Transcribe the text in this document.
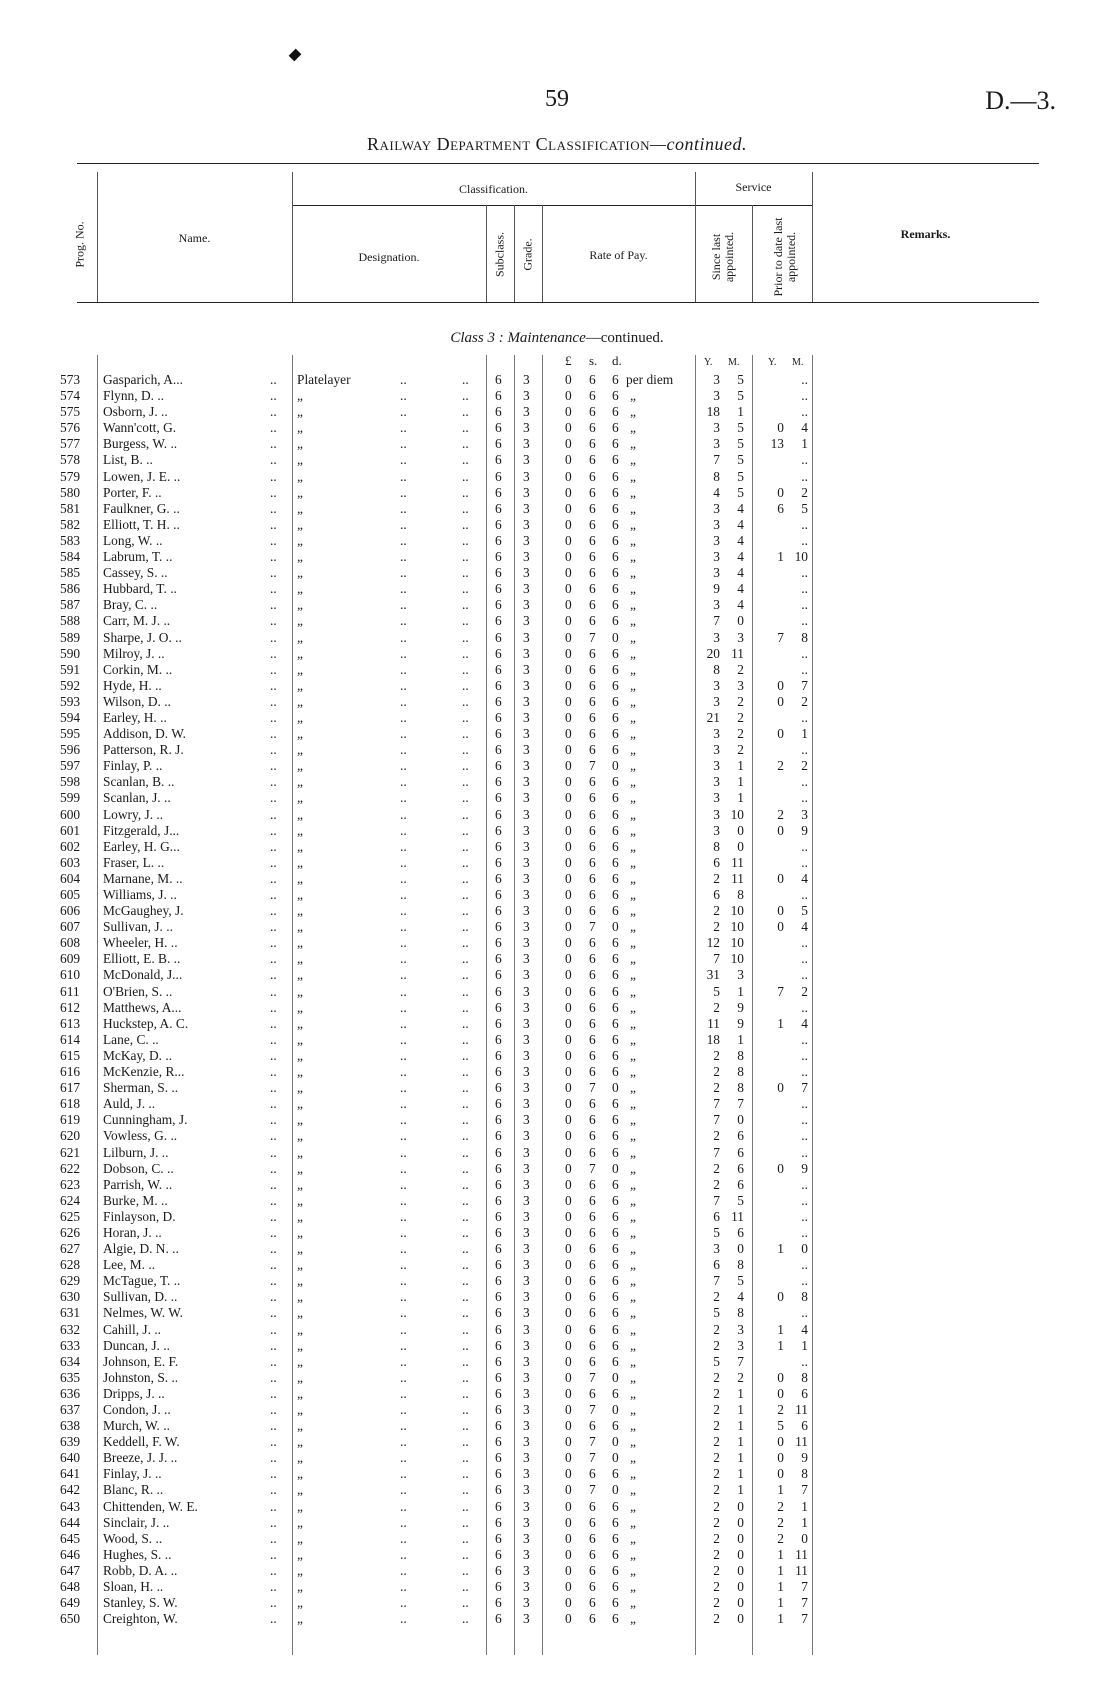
59	D.—3.
Railway Department Classification—continued.
Prog. No.	Name.
Classification.
Designation.	Subclass. Grade.	Rate of Pay.
Service
Since last appointed.	Prior to date last appointed.	Remarks.
Class 3 : Maintenance—continued.
£ s. d.	Y. M.	Y. M.
573	Gasparich, A...	.. Platelayer	..	.. 6 3	0 6 6 per diem	3	5	..
574	Flynn, D. ..	.. „	..	.. 6 3	0 6 6 „	3	5	..
575	Osborn, J. ..	.. „	..	.. 6 3	0 6 6 „	18	1	..
576	Wann'cott, G.	.. „	..	.. 6 3	0 6 6 „	3	5	0	4
577	Burgess, W. ..	.. „	..	.. 6 3	0 6 6 „	3	5	13	1
578	List, B. ..	.. „	..	.. 6 3	0 6 6 „	7	5	..
579	Lowen, J. E. ..	.. „	..	.. 6 3	0 6 6 „	8	5	..
580	Porter, F. ..	.. „	..	.. 6 3	0 6 6 „	4	5	0	2
581	Faulkner, G. ..	.. „	..	.. 6 3	0 6 6 „	3	4	6	5
582	Elliott, T. H. ..	.. „	..	.. 6 3	0 6 6 „	3	4	..
583	Long, W. ..	.. „	..	.. 6 3	0 6 6 „	3	4	..
584	Labrum, T. ..	.. „	..	.. 6 3	0 6 6 „	3	4	1 10
585	Cassey, S. ..	.. „	..	.. 6 3	0 6 6 „	3	4	..
586	Hubbard, T. ..	.. „	..	.. 6 3	0 6 6 „	9	4	..
587	Bray, C. ..	.. „	..	.. 6 3	0 6 6 „	3	4	..
588	Carr, M. J. ..	.. „	..	.. 6 3	0 6 6 „	7	0	..
589	Sharpe, J. O. ..	.. „	..	.. 6 3	0 7 0 „	3	3	7	8
590	Milroy, J. ..	.. „	..	.. 6 3	0 6 6 „	20 11	..
591	Corkin, M. ..	.. „	..	.. 6 3	0 6 6 „	8	2	..
592	Hyde, H. ..	.. „	..	.. 6 3	0 6 6 „	3	3	0	7
593	Wilson, D. ..	.. „	..	.. 6 3	0 6 6 „	3	2	0	2
594	Earley, H. ..	.. „	..	.. 6 3	0 6 6 „	21	2	..
595	Addison, D. W.	.. „	..	.. 6 3	0 6 6 „	3	2	0	1
596	Patterson, R. J.	.. „	..	.. 6 3	0 6 6 „	3	2	..
597	Finlay, P. ..	.. „	..	.. 6 3	0 7 0 „	3	1	2	2
598	Scanlan, B. ..	.. „	..	.. 6 3	0 6 6 „	3	1	..
599	Scanlan, J. ..	.. „	..	.. 6 3	0 6 6 „	3	1	..
600	Lowry, J. ..	.. „	..	.. 6 3	0 6 6 „	3 10	2	3
601	Fitzgerald, J...	.. „	..	.. 6 3	0 6 6 „	3	0	0	9
602	Earley, H. G...	.. „	..	.. 6 3	0 6 6 „	8	0	..
603	Fraser, L. ..	.. „	..	.. 6 3	0 6 6 „	6 11	..
604	Marnane, M. ..	.. „	..	.. 6 3	0 6 6 „	2 11	0	4
605	Williams, J. ..	.. „	..	.. 6 3	0 6 6 „	6	8	..
606	McGaughey, J.	.. „	..	.. 6 3	0 6 6 „	2 10	0	5
607	Sullivan, J. ..	.. „	..	.. 6 3	0 7 0 „	2 10	0	4
608	Wheeler, H. ..	.. „	..	.. 6 3	0 6 6 „	12 10	..
609	Elliott, E. B. ..	.. „	..	.. 6 3	0 6 6 „	7 10	..
610	McDonald, J...	.. „	..	.. 6 3	0 6 6 „	31	3	..
611	O'Brien, S. ..	.. „	..	.. 6 3	0 6 6 „	5	1	7	2
612	Matthews, A...	.. „	..	.. 6 3	0 6 6 „	2	9	..
613	Huckstep, A. C.	.. „	..	.. 6 3	0 6 6 „	11	9	1	4
614	Lane, C. ..	.. „	..	.. 6 3	0 6 6 „	18	1	..
615	McKay, D. ..	.. „	..	.. 6 3	0 6 6 „	2	8	..
616	McKenzie, R...	.. „	..	.. 6 3	0 6 6 „	2	8	..
617	Sherman, S. ..	.. „	..	.. 6 3	0 7 0 „	2	8	0	7
618	Auld, J. ..	.. „	..	.. 6 3	0 6 6 „	7	7	..
619	Cunningham, J.	.. „	..	.. 6 3	0 6 6 „	7	0	..
620	Vowless, G. ..	.. „	..	.. 6 3	0 6 6 „	2	6	..
621	Lilburn, J. ..	.. „	..	.. 6 3	0 6 6 „	7	6	..
622	Dobson, C. ..	.. „	..	.. 6 3	0 7 0 „	2	6	0	9
623	Parrish, W. ..	.. „	..	.. 6 3	0 6 6 „	2	6	..
624	Burke, M. ..	.. „	..	.. 6 3	0 6 6 „	7	5	..
625	Finlayson, D.	.. „	..	.. 6 3	0 6 6 „	6 11	..
626	Horan, J. ..	.. „	..	.. 6 3	0 6 6 „	5	6	..
627	Algie, D. N. ..	.. „	..	.. 6 3	0 6 6 „	3	0	1	0
628	Lee, M. ..	.. „	..	.. 6 3	0 6 6 „	6	8	..
629	McTague, T. ..	.. „	..	.. 6 3	0 6 6 „	7	5	..
630	Sullivan, D. ..	.. „	..	.. 6 3	0 6 6 „	2	4	0	8
631	Nelmes, W. W.	.. „	..	.. 6 3	0 6 6 „	5	8	..
632	Cahill, J. ..	.. „	..	.. 6 3	0 6 6 „	2	3	1	4
633	Duncan, J. ..	.. „	..	.. 6 3	0 6 6 „	2	3	1	1
634	Johnson, E. F.	.. „	..	.. 6 3	0 6 6 „	5	7	..
635	Johnston, S. ..	.. „	..	.. 6 3	0 7 0 „	2	2	0	8
636	Dripps, J. ..	.. „	..	.. 6 3	0 6 6 „	2	1	0	6
637	Condon, J. ..	.. „	..	.. 6 3	0 7 0 „	2	1	2 11
638	Murch, W. ..	.. „	..	.. 6 3	0 6 6 „	2	1	5	6
639	Keddell, F. W.	.. „	..	.. 6 3	0 7 0 „	2	1	0 11
640	Breeze, J. J. ..	.. „	..	.. 6 3	0 7 0 „	2	1	0	9
641	Finlay, J. ..	.. „	..	.. 6 3	0 6 6 „	2	1	0	8
642	Blanc, R. ..	.. „	..	.. 6 3	0 7 0 „	2	1	1	7
643	Chittenden, W. E.	.. „	..	.. 6 3	0 6 6 „	2	0	2	1
644	Sinclair, J. ..	.. „	..	.. 6 3	0 6 6 „	2	0	2	1
645	Wood, S. ..	.. „	..	.. 6 3	0 6 6 „	2	0	2	0
646	Hughes, S. ..	.. „	..	.. 6 3	0 6 6 „	2	0	1 11
647	Robb, D. A. ..	.. „	..	.. 6 3	0 6 6 „	2	0	1 11
648	Sloan, H. ..	.. „	..	.. 6 3	0 6 6 „	2	0	1	7
649	Stanley, S. W.	.. „	..	.. 6 3	0 6 6 „	2	0	1	7
650	Creighton, W.	.. „	..	.. 6 3	0 6 6 „	2	0	1	7
